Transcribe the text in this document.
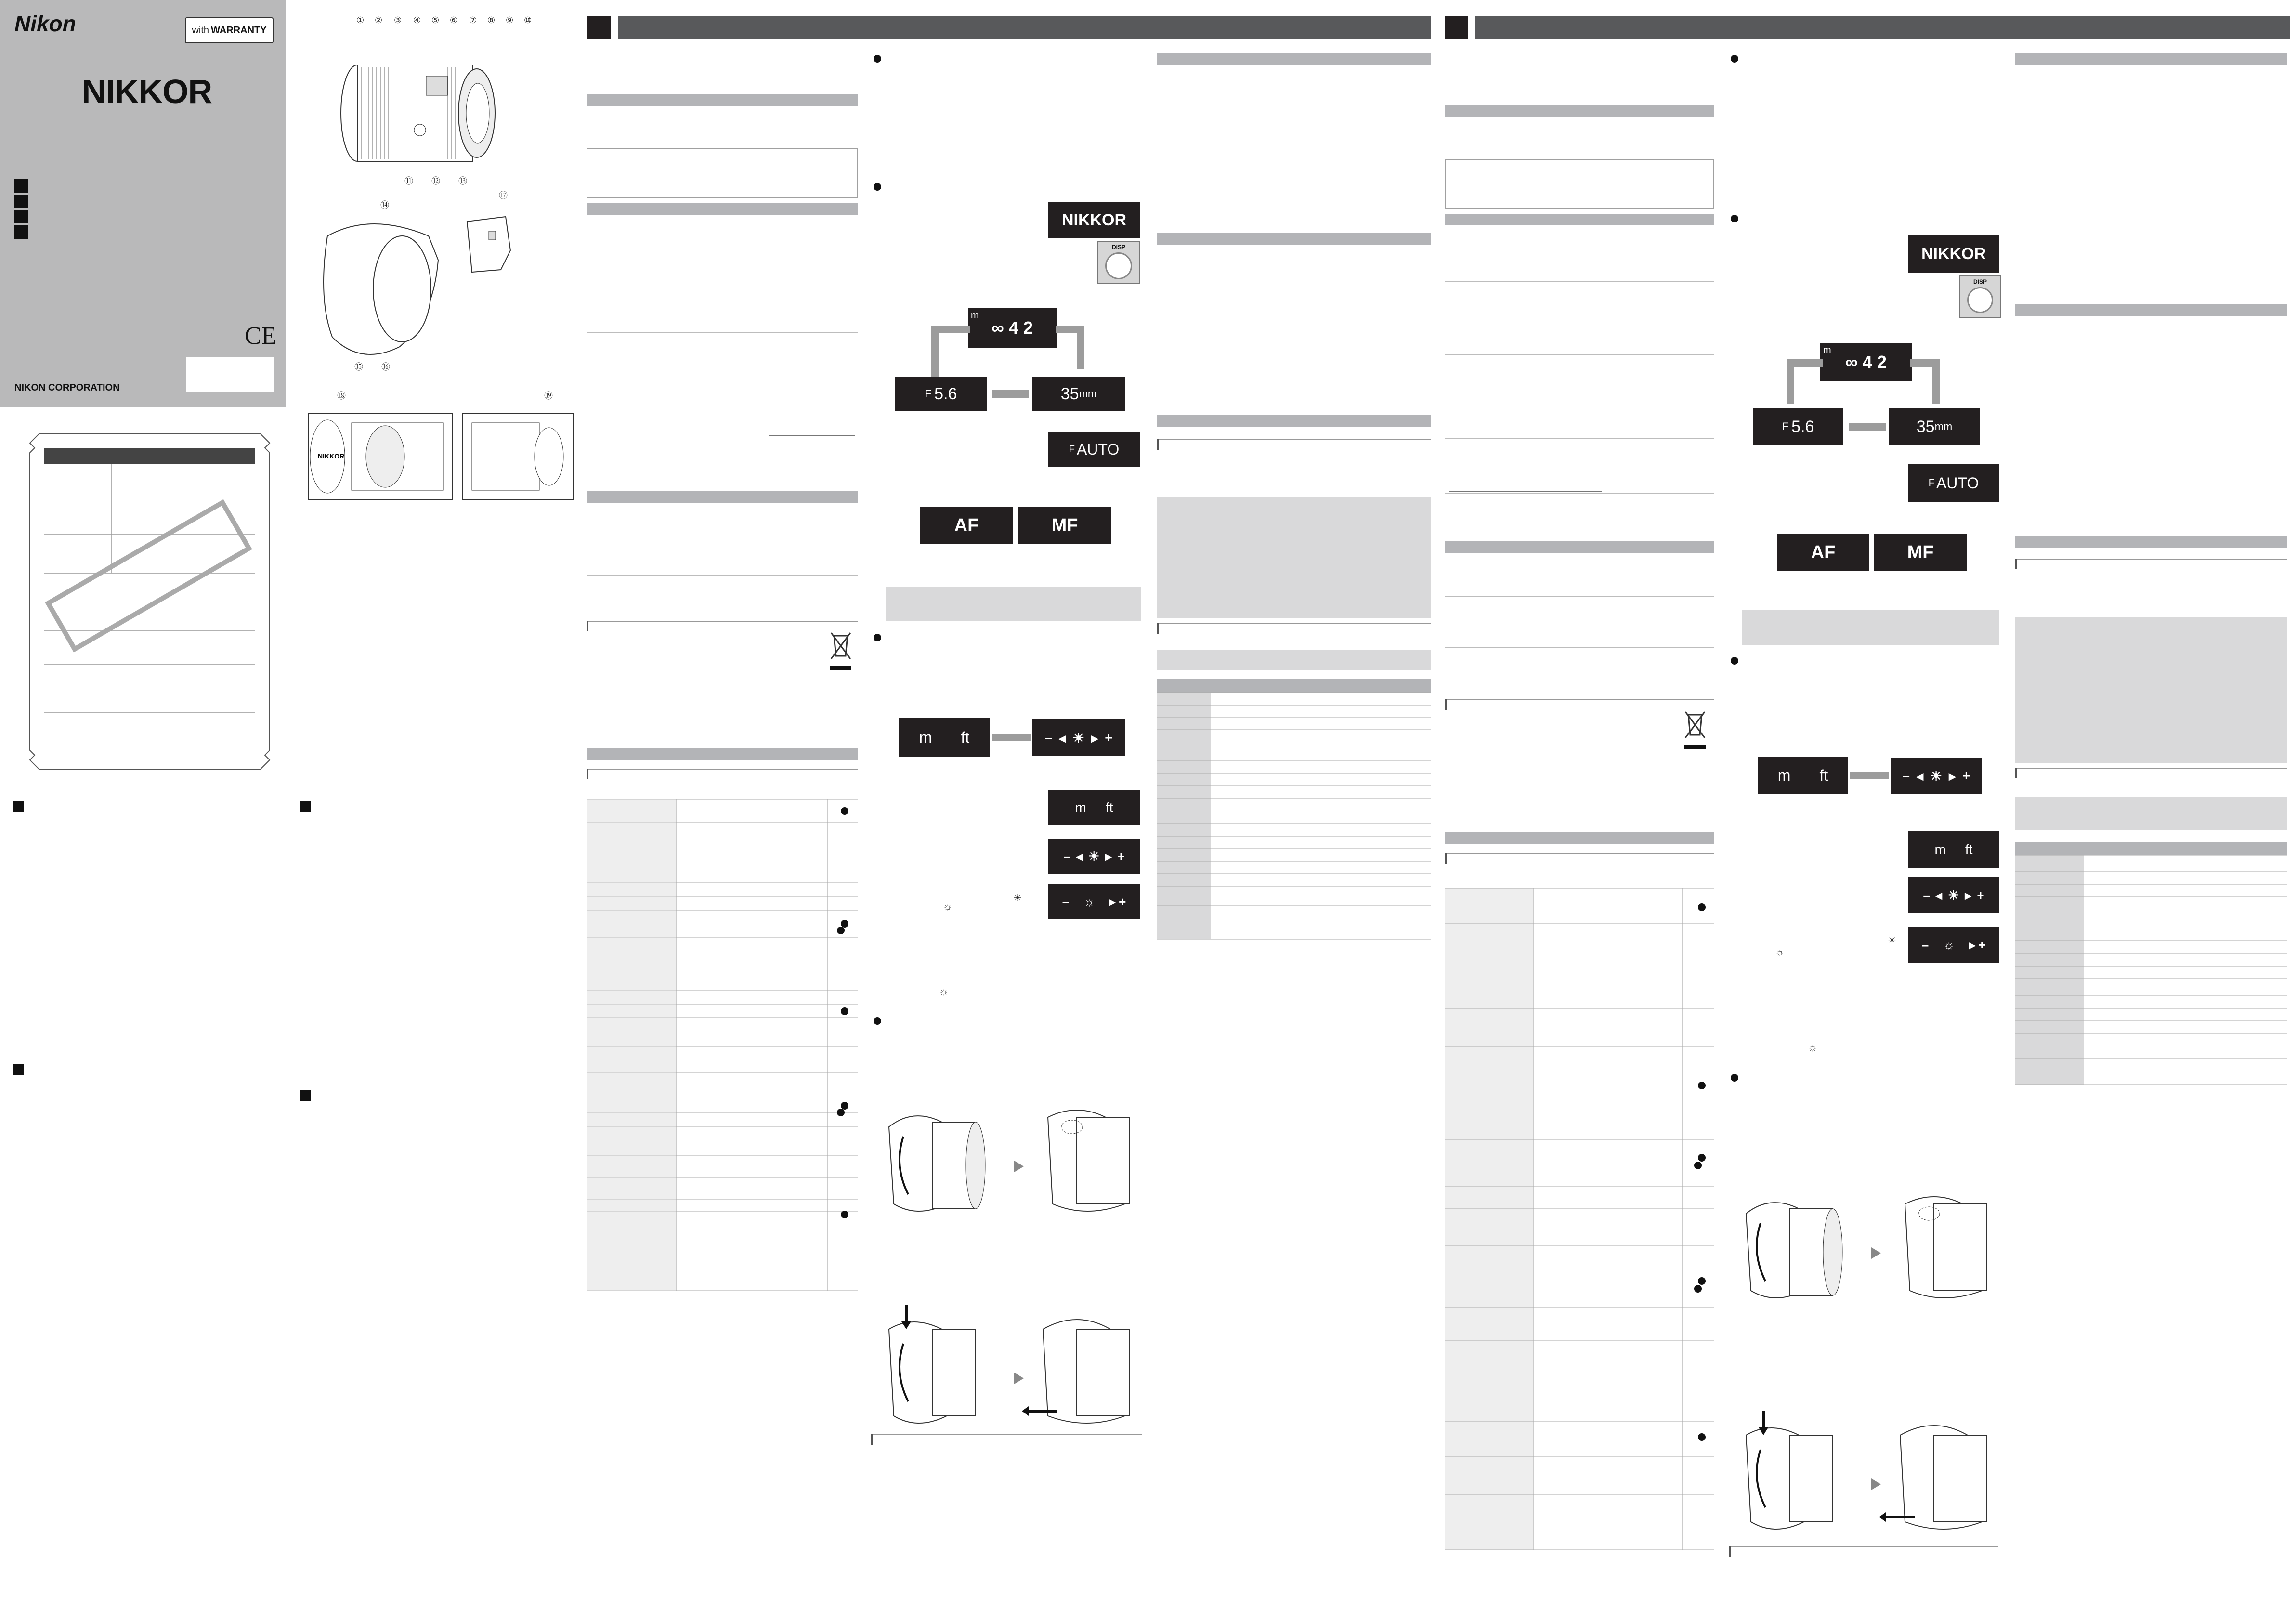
Nikon	with WARRANTY
NIKKOR
CE
NIKON CORPORATION
① ② ③ ④ ⑤ ⑥ ⑦ ⑧ ⑨ ⑩
⑪ ⑫ ⑬
⑭
⑮ ⑯
⑰
⑱	⑲
NIKKOR
NIKKOR
DISP
m
∞ 4 2
F 5.6	35 mm
F AUTO
AF	MF
m ft	– ◂ ☀ ▸ +
m ft
– ◂ ☀ ▸ +
– ☼ ▸ +
☼
☀
☼
NIKKOR
DISP
m
∞ 4 2
F 5.6	35 mm
F AUTO
AF	MF
m ft	– ◂ ☀ ▸ +
m ft
– ◂ ☀ ▸ +
– ☼ ▸ +
☼
☀
☼
